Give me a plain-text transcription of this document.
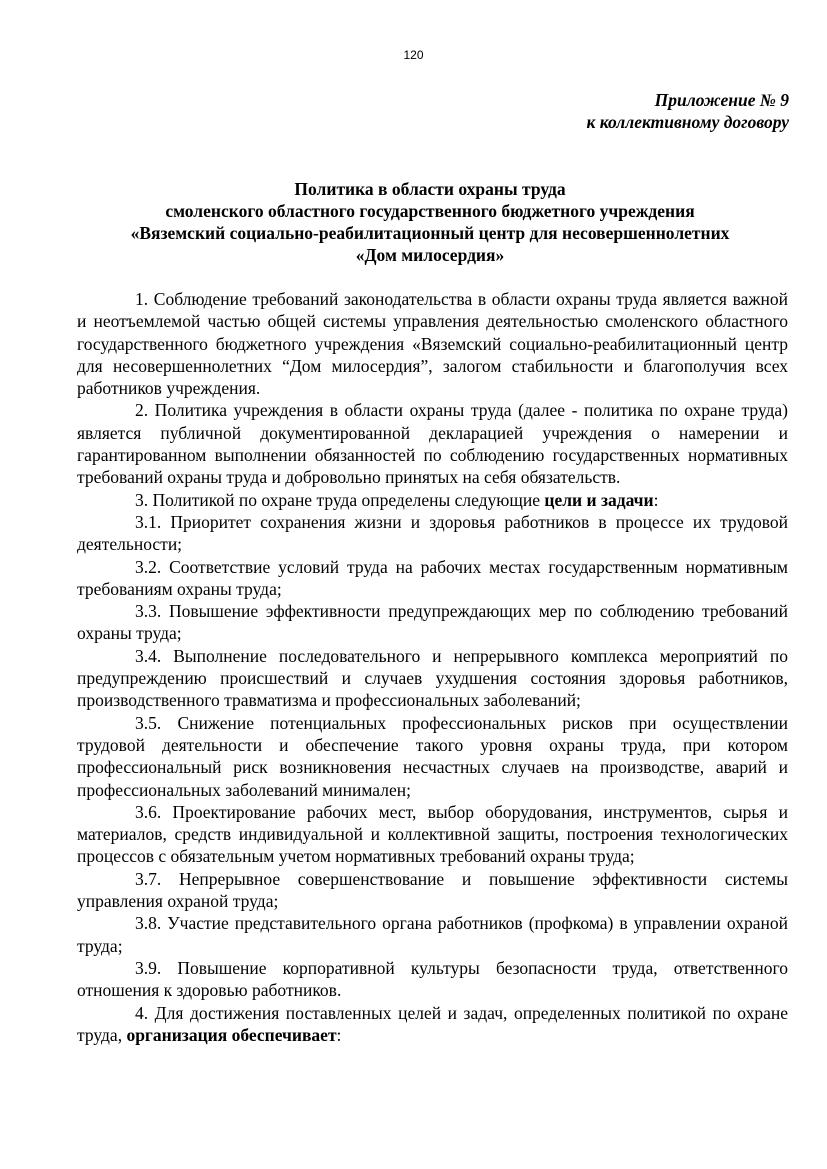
120
Приложение № 9
к коллективному договору
Политика в области охраны труда
смоленского областного государственного бюджетного учреждения
«Вяземский социально-реабилитационный центр для несовершеннолетних
«Дом милосердия»

1. Соблюдение требований законодательства в области охраны труда является важной и неотъемлемой частью общей системы управления деятельностью смоленского областного государственного бюджетного учреждения «Вяземский социально-реабилитационный центр для несовершеннолетних “Дом милосердия”, залогом стабильности и благополучия всех работников учреждения.

2. Политика учреждения в области охраны труда (далее - политика по охране труда) является публичной документированной декларацией учреждения о намерении и гарантированном выполнении обязанностей по соблюдению государственных нормативных требований охраны труда и добровольно принятых на себя обязательств.

3. Политикой по охране труда определены следующие цели и задачи:

3.1. Приоритет сохранения жизни и здоровья работников в процессе их трудовой деятельности;

3.2. Соответствие условий труда на рабочих местах государственным нормативным требованиям охраны труда;

3.3. Повышение эффективности предупреждающих мер по соблюдению требований охраны труда;

3.4. Выполнение последовательного и непрерывного комплекса мероприятий по предупреждению происшествий и случаев ухудшения состояния здоровья работников, производственного травматизма и профессиональных заболеваний;

3.5. Снижение потенциальных профессиональных рисков при осуществлении трудовой деятельности и обеспечение такого уровня охраны труда, при котором профессиональный риск возникновения несчастных случаев на производстве, аварий и профессиональных заболеваний минимален;

3.6. Проектирование рабочих мест, выбор оборудования, инструментов, сырья и материалов, средств индивидуальной и коллективной защиты, построения технологических процессов с обязательным учетом нормативных требований охраны труда;

3.7. Непрерывное совершенствование и повышение эффективности системы управления охраной труда;

3.8. Участие представительного органа работников (профкома) в управлении охраной труда;

3.9. Повышение корпоративной культуры безопасности труда, ответственного отношения к здоровью работников.

4. Для достижения поставленных целей и задач, определенных политикой по охране труда, организация обеспечивает:
